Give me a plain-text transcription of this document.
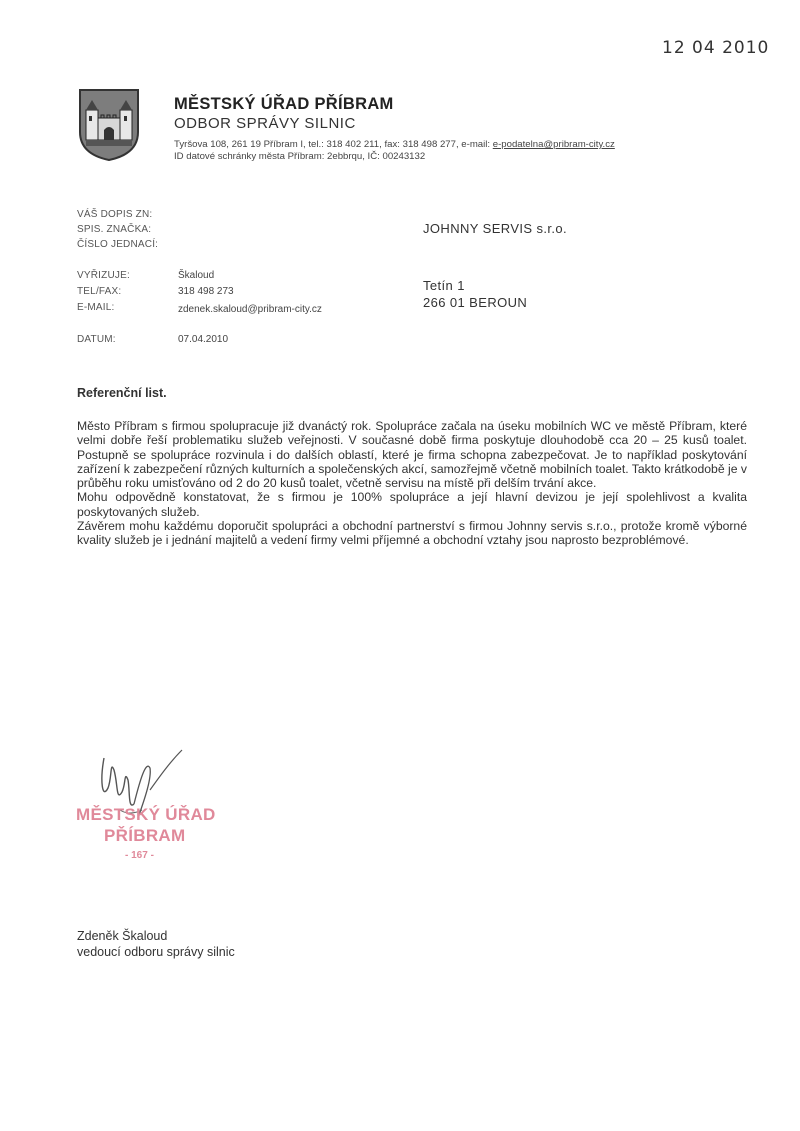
12 04 2010
MĚSTSKÝ ÚŘAD PŘÍBRAM
ODBOR SPRÁVY SILNIC
Tyršova 108, 261 19 Příbram I, tel.: 318 402 211, fax: 318 498 277, e-mail: e-podatelna@pribram-city.cz
ID datové schránky města Příbram: 2ebbrqu, IČ: 00243132
VÁŠ DOPIS ZN:
SPIS. ZNAČKA:
ČÍSLO JEDNACÍ:
VYŘIZUJE:	Škaloud
TEL/FAX:	318 498 273
E-MAIL:	zdenek.skaloud@pribram-city.cz
DATUM:	07.04.2010
JOHNNY SERVIS s.r.o.
Tetín 1
266 01 BEROUN
Referenční list.

Město Příbram s firmou spolupracuje již dvanáctý rok. Spolupráce začala na úseku mobilních WC ve městě Příbram, které velmi dobře řeší problematiku služeb veřejnosti. V současné době firma poskytuje dlouhodobě cca 20 – 25 kusů toalet. Postupně se spolupráce rozvinula i do dalších oblastí, které je firma schopna zabezpečovat. Je to například poskytování zařízení k zabezpečení různých kulturních a společenských akcí, samozřejmě včetně mobilních toalet. Takto krátkodobě je v průběhu roku umisťováno od 2 do 20 kusů toalet, včetně servisu na místě při delším trvání akce.

Mohu odpovědně konstatovat, že s firmou je 100% spolupráce a její hlavní devizou je její spolehlivost a kvalita poskytovaných služeb.

Závěrem mohu každému doporučit spolupráci a obchodní partnerství s firmou Johnny servis s.r.o., protože kromě výborné kvality služeb je i jednání majitelů a vedení firmy velmi příjemné a obchodní vztahy jsou naprosto bezproblémové.

MĚSTSKÝ ÚŘAD
PŘÍBRAM
- 167 -
Zdeněk Škaloud
vedoucí odboru správy silnic
